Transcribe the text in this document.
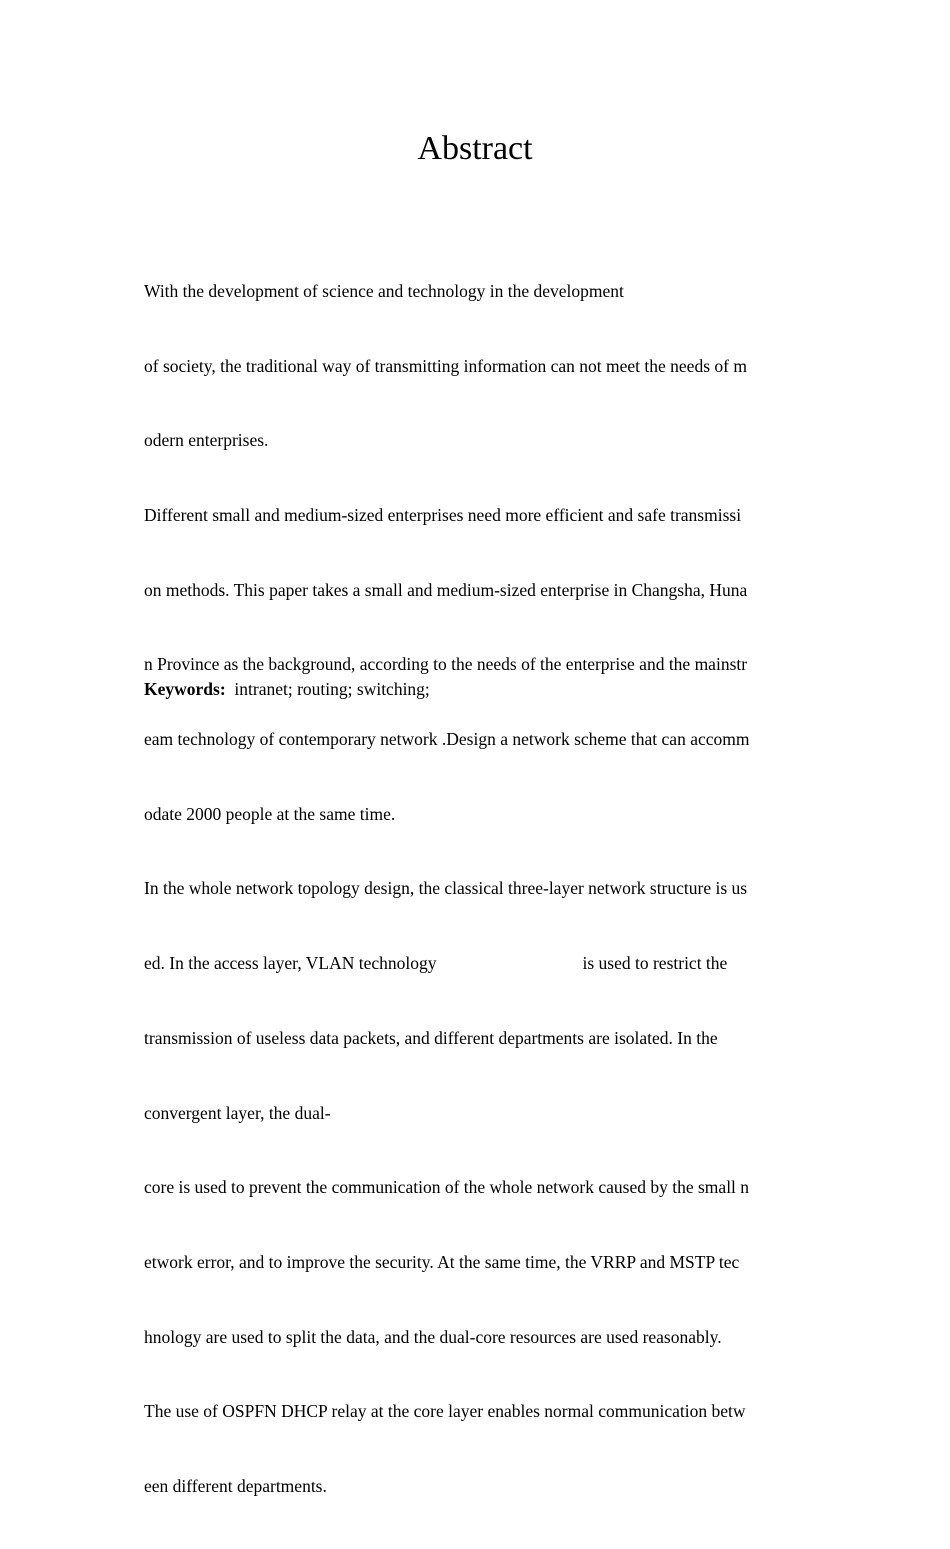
Abstract

With the development of science and technology in the development

of society, the traditional way of transmitting information can not meet the needs of m

odern enterprises.

Different small and medium-sized enterprises need more efficient and safe transmissi

on methods. This paper takes a small and medium-sized enterprise in Changsha, Huna

n Province as the background, according to the needs of the enterprise and the mainstr

eam technology of contemporary network .Design a network scheme that can accomm

odate 2000 people at the same time.

In the whole network topology design, the classical three-layer network structure is us

ed. In the access layer, VLAN technology	is used to restrict the

transmission of useless data packets, and different departments are isolated. In the

convergent layer, the dual-

core is used to prevent the communication of the whole network caused by the small n

etwork error, and to improve the security. At the same time, the VRRP and MSTP tec

hnology are used to split the data, and the dual-core resources are used reasonably.

The use of OSPFN DHCP relay at the core layer enables normal communication betw

een different departments.

Keywords: intranet; routing; switching;
